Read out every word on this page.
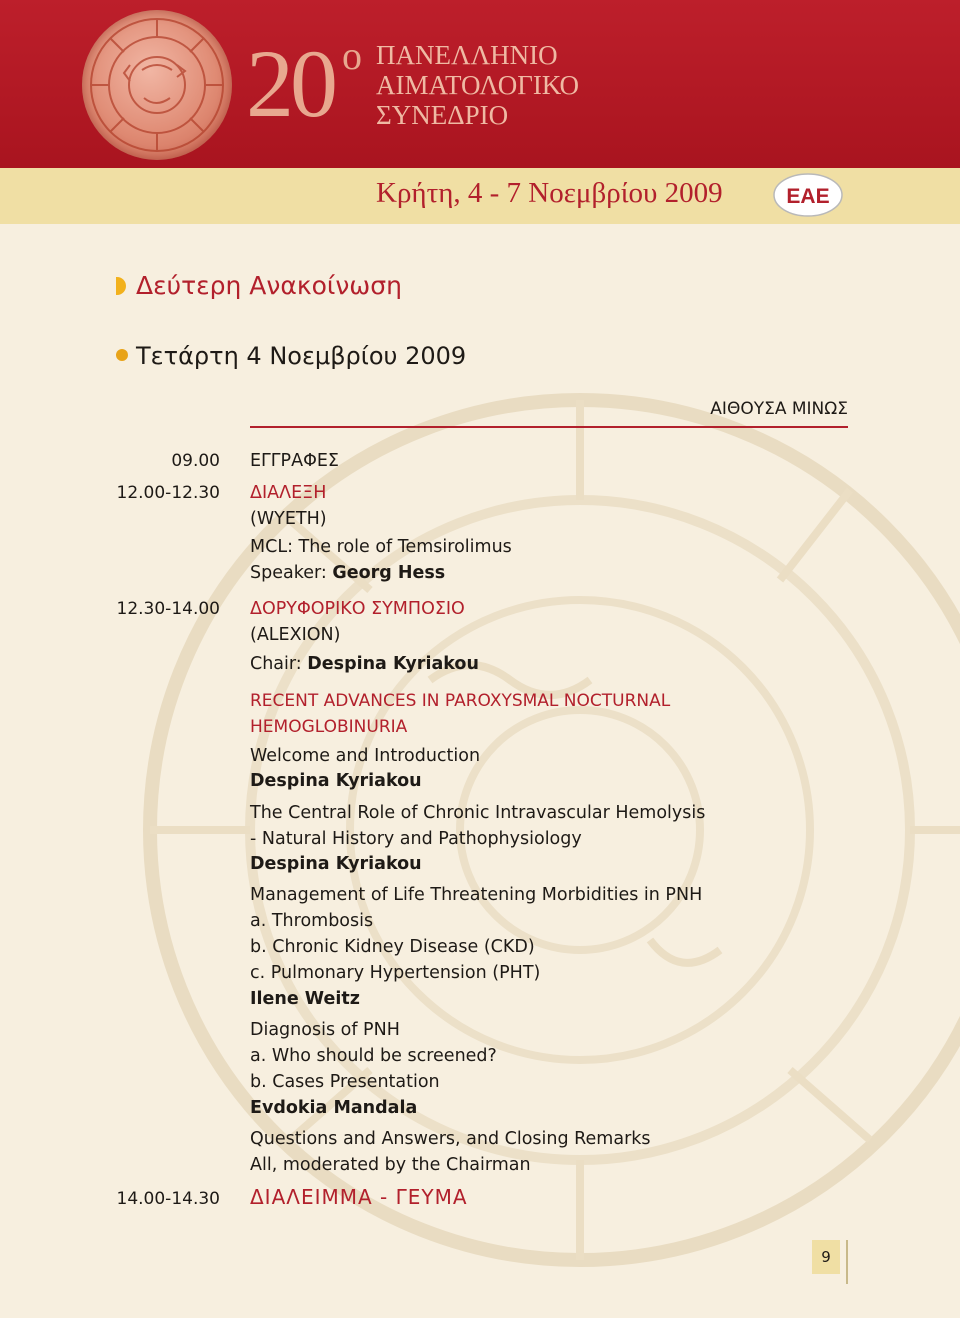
20 ο ΠΑΝΕΛΛΗΝΙΟ
ΑΙΜΑΤΟΛΟΓΙΚΟ
ΣΥΝΕΔΡΙΟ
Κρήτη, 4 - 7 Νοεμβρίου 2009	ΕΑΕ
Δεύτερη Ανακοίνωση
Τετάρτη 4 Νοεμβρίου 2009
ΑΙΘΟΥΣΑ ΜΙΝΩΣ
09.00 ΕΓΓΡΑΦΕΣ
12.00-12.30 ΔΙΑΛΕΞΗ
(WYETH)
MCL: The role of Temsirolimus
Speaker: Georg Hess
12.30-14.00 ΔΟΡΥΦΟΡΙΚΟ ΣΥΜΠΟΣΙΟ
(ALEXION)
Chair: Despina Kyriakou
RECENT ADVANCES IN PAROXYSMAL NOCTURNAL
HEMOGLOBINURIA
Welcome and Introduction
Despina Kyriakou
The Central Role of Chronic Intravascular Hemolysis
- Natural History and Pathophysiology
Despina Kyriakou
Management of Life Threatening Morbidities in PNH
a. Thrombosis
b. Chronic Kidney Disease (CKD)
c. Pulmonary Hypertension (PHT)
Ilene Weitz
Diagnosis of PNH
a. Who should be screened?
b. Cases Presentation
Evdokia Mandala
Questions and Answers, and Closing Remarks
All, moderated by the Chairman
14.00-14.30 ΔΙΑΛΕΙΜΜΑ - ΓΕΥΜΑ
9
